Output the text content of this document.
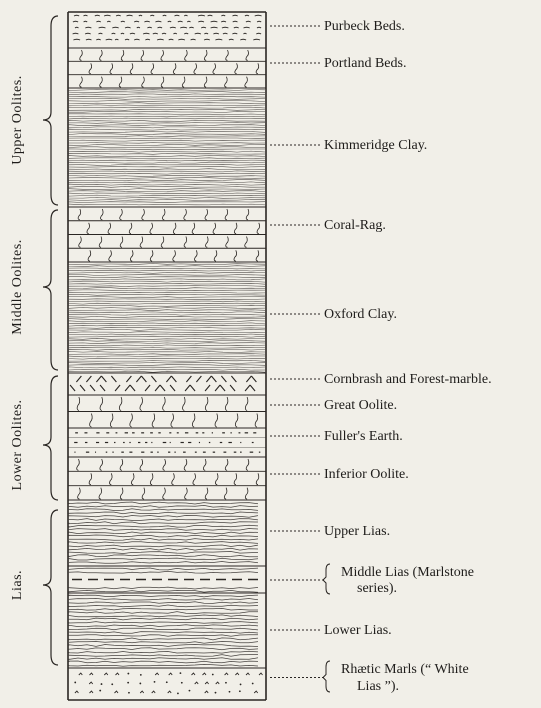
Upper Oolites.
Middle Oolites.
Lower Oolites.
Lias.
Purbeck Beds.
Portland Beds.
Kimmeridge Clay.
Coral-Rag.
Oxford Clay.
Cornbrash and Forest-marble.
Great Oolite.
Fuller's Earth.
Inferior Oolite.
Upper Lias.
Middle Lias (Marlstone
series).
Lower Lias.
Rhætic Marls (“ White
Lias ”).
